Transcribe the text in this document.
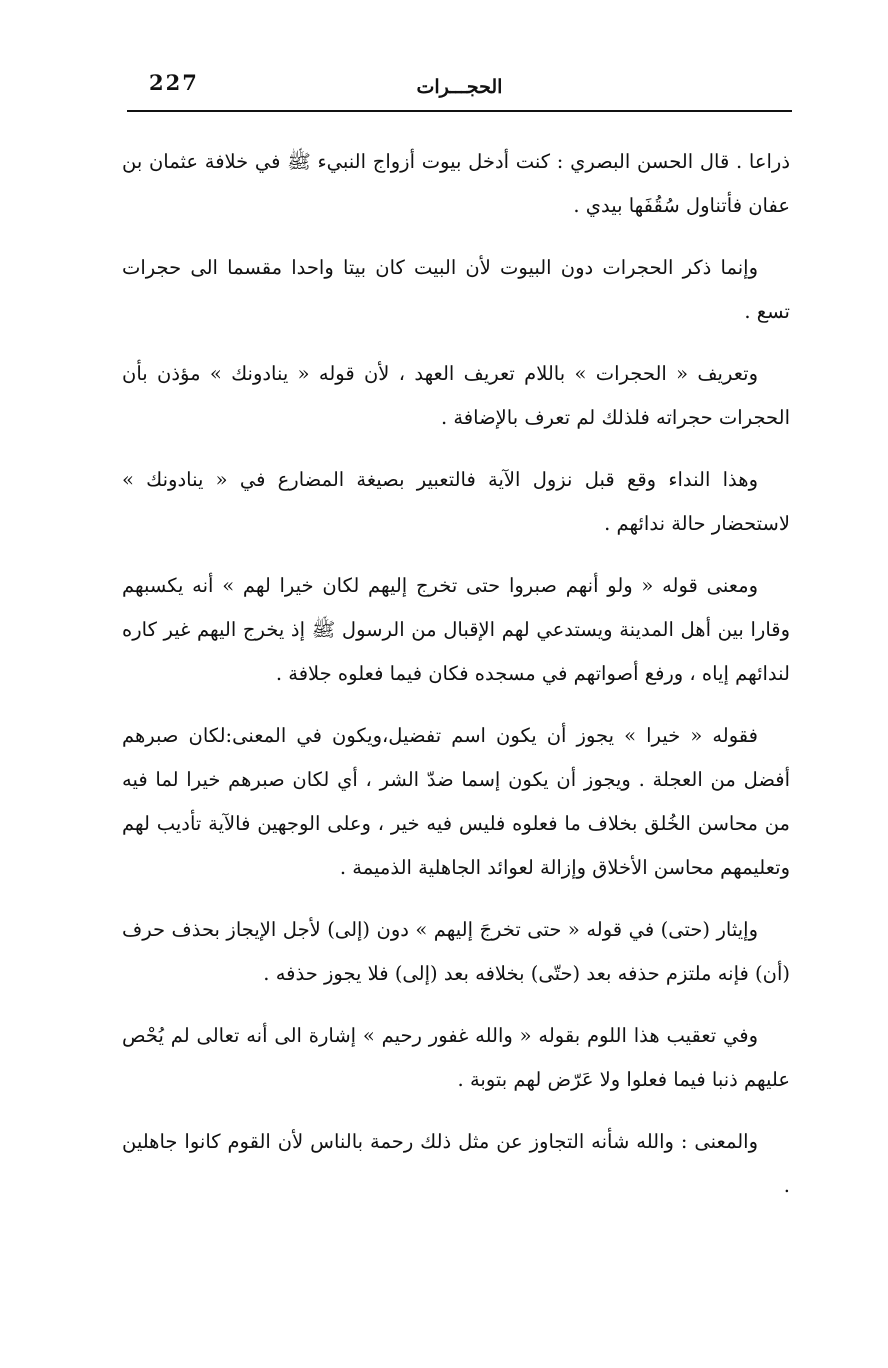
227	الحجـــرات

ذراعا . قال الحسن البصري : كنت أدخل بيوت أزواج النبيء ﷺ في خلافة عثمان بن عفان فأتناول سُقُفَها بيدي .

وإنما ذكر الحجرات دون البيوت لأن البيت كان بيتا واحدا مقسما الى حجرات تسع .

وتعريف « الحجرات » باللام تعريف العهد ، لأن قوله « ينادونك » مؤذن بأن الحجرات حجراته فلذلك لم تعرف بالإضافة .

وهذا النداء وقع قبل نزول الآية فالتعبير بصيغة المضارع في « ينادونك » لاستحضار حالة ندائهم .

ومعنى قوله « ولو أنهم صبروا حتى تخرج إليهم لكان خيرا لهم » أنه يكسبهم وقارا بين أهل المدينة ويستدعي لهم الإقبال من الرسول ﷺ إذ يخرج اليهم غير كاره لندائهم إياه ، ورفع أصواتهم في مسجده فكان فيما فعلوه جلافة .

فقوله « خيرا » يجوز أن يكون اسم تفضيل،ويكون في المعنى:لكان صبرهم أفضل من العجلة . ويجوز أن يكون إسما ضدّ الشر ، أي لكان صبرهم خيرا لما فيه من محاسن الخُلق بخلاف ما فعلوه فليس فيه خير ، وعلى الوجهين فالآية تأديب لهم وتعليمهم محاسن الأخلاق وإزالة لعوائد الجاهلية الذميمة .

وإيثار (حتى) في قوله « حتى تخرجَ إليهم » دون (إلى) لأجل الإيجاز بحذف حرف (أن) فإنه ملتزم حذفه بعد (حتّى) بخلافه بعد (إلى) فلا يجوز حذفه .

وفي تعقيب هذا اللوم بقوله « والله غفور رحيم » إشارة الى أنه تعالى لم يُحْص عليهم ذنبا فيما فعلوا ولا عَرّض لهم بتوبة .

والمعنى : والله شأنه التجاوز عن مثل ذلك رحمة بالناس لأن القوم كانوا جاهلين .
